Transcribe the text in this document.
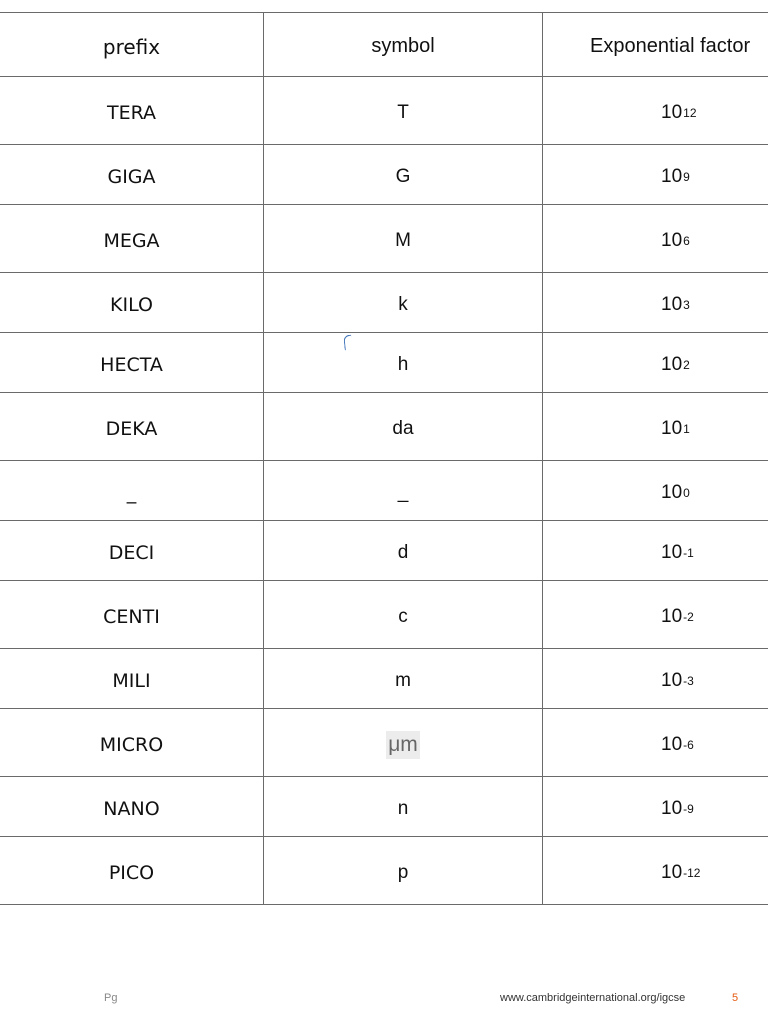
prefix	symbol	Exponential factor
TERA	T	10 12
GIGA	G	10 9
MEGA	M	10 6
KILO	k	10 3
HECTA	h	10 2
DEKA	da	10 1
_	_	10 0
DECI	d	10 -1
CENTI	c	10 -2
MILI	m	10 -3
MICRO	μm	10 -6
NANO	n	10 -9
PICO	p	10 -12
Pg	www.cambridgeinternational.org/igcse	5
